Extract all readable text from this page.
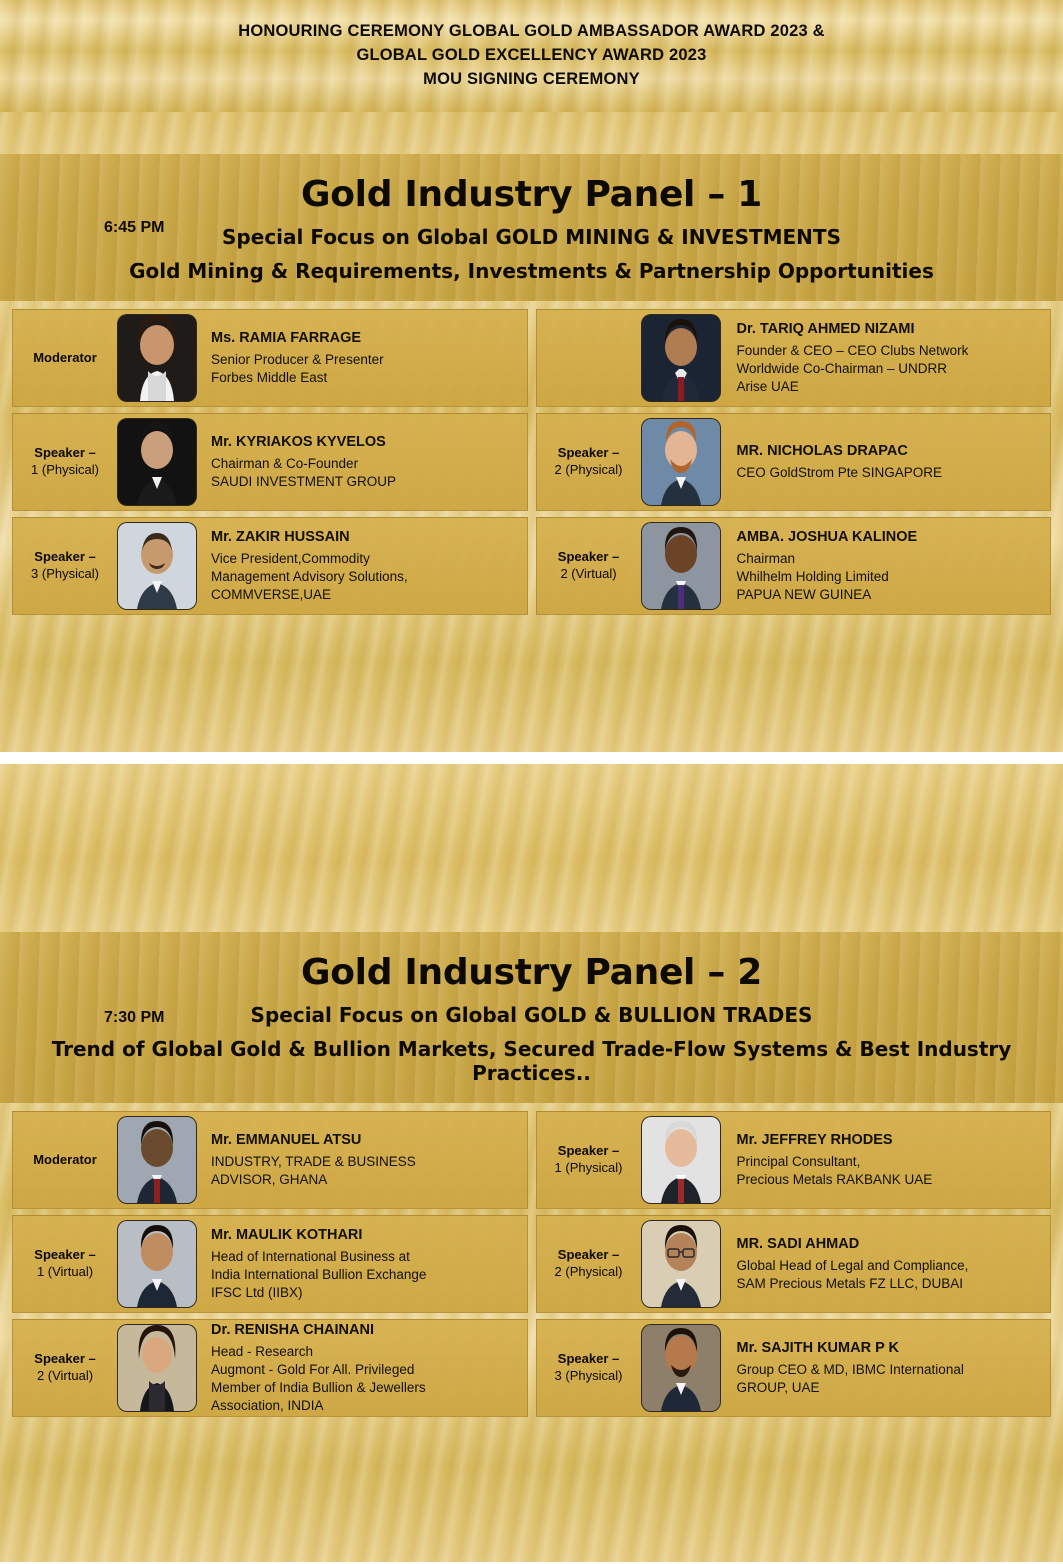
HONOURING CEREMONY GLOBAL GOLD AMBASSADOR AWARD 2023 &
GLOBAL GOLD EXCELLENCY AWARD 2023
MOU SIGNING CEREMONY
6:45 PM
Gold Industry Panel – 1
Special Focus on Global GOLD MINING & INVESTMENTS
Gold Mining & Requirements, Investments & Partnership Opportunities
Moderator
Ms. RAMIA FARRAGE
Senior Producer & Presenter
Forbes Middle East
Dr. TARIQ AHMED NIZAMI
Founder & CEO – CEO Clubs Network
Worldwide Co-Chairman – UNDRR
Arise UAE
Speaker –
1 (Physical)
Mr. KYRIAKOS KYVELOS
Chairman & Co-Founder
SAUDI INVESTMENT GROUP
Speaker –
2 (Physical)
MR. NICHOLAS DRAPAC
CEO GoldStrom Pte SINGAPORE
Speaker –
3 (Physical)
Mr. ZAKIR HUSSAIN
Vice President,Commodity
Management Advisory Solutions,
COMMVERSE,UAE
Speaker –
2 (Virtual)
AMBA. JOSHUA KALINOE
Chairman
Whilhelm Holding Limited
PAPUA NEW GUINEA
7:30 PM
Gold Industry Panel – 2
Special Focus on Global GOLD & BULLION TRADES
Trend of Global Gold & Bullion Markets, Secured Trade-Flow Systems & Best Industry Practices..
Moderator
Mr. EMMANUEL ATSU
INDUSTRY, TRADE & BUSINESS
ADVISOR, GHANA
Speaker –
1 (Physical)
Mr. JEFFREY RHODES
Principal Consultant,
Precious Metals RAKBANK UAE
Speaker –
1 (Virtual)
Mr. MAULIK KOTHARI
Head of International Business at
India International Bullion Exchange
IFSC Ltd (IIBX)
Speaker –
2 (Physical)
MR. SADI AHMAD
Global Head of Legal and Compliance,
SAM Precious Metals FZ LLC, DUBAI
Speaker –
2 (Virtual)
Dr. RENISHA CHAINANI
Head - Research
Augmont - Gold For All. Privileged
Member of India Bullion & Jewellers
Association, INDIA
Speaker –
3 (Physical)
Mr. SAJITH KUMAR P K
Group CEO & MD, IBMC International
GROUP, UAE
